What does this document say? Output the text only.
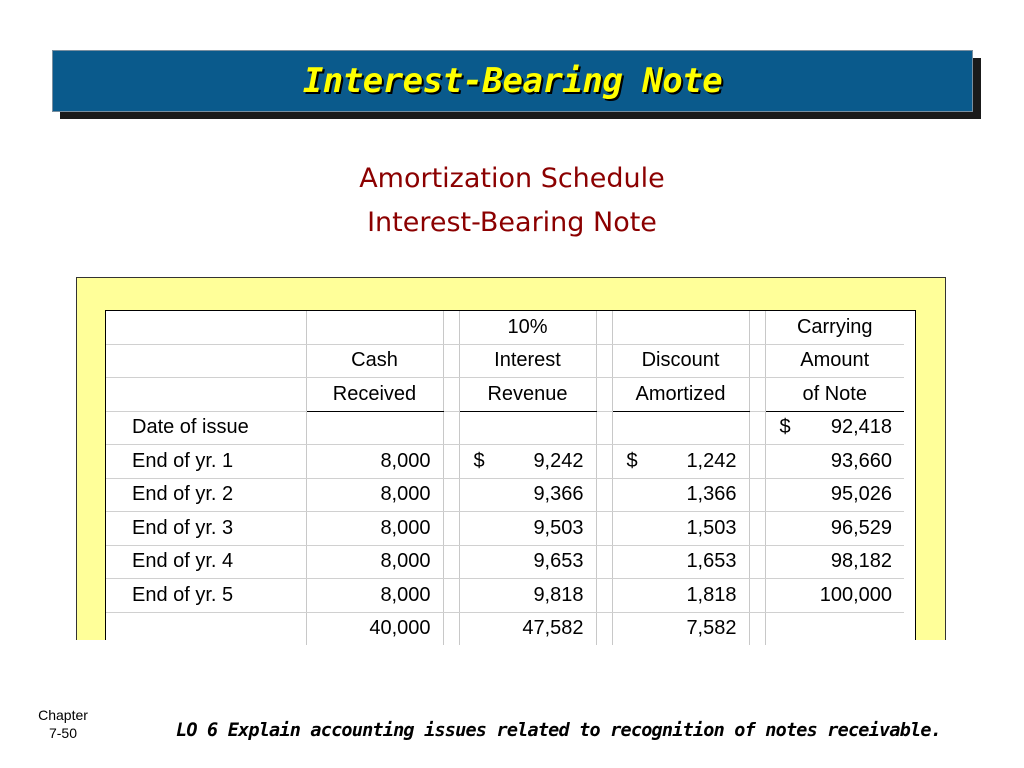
Interest-Bearing Note
Amortization Schedule
Interest-Bearing Note
			10%				Carrying
	Cash		Interest		Discount		Amount
	Received		Revenue		Amortized		of Note
Date of issue							$ 92,418

End of yr. 1	8,000		$ 9,242		$ 1,242		93,660
End of yr. 2	8,000		9,366		1,366		95,026
End of yr. 3	8,000		9,503		1,503		96,529
End of yr. 4	8,000		9,653		1,653		98,182
End of yr. 5	8,000		9,818		1,818		100,000
	40,000		47,582		7,582		
Chapter
7-50	LO 6 Explain accounting issues related to recognition of notes receivable.
